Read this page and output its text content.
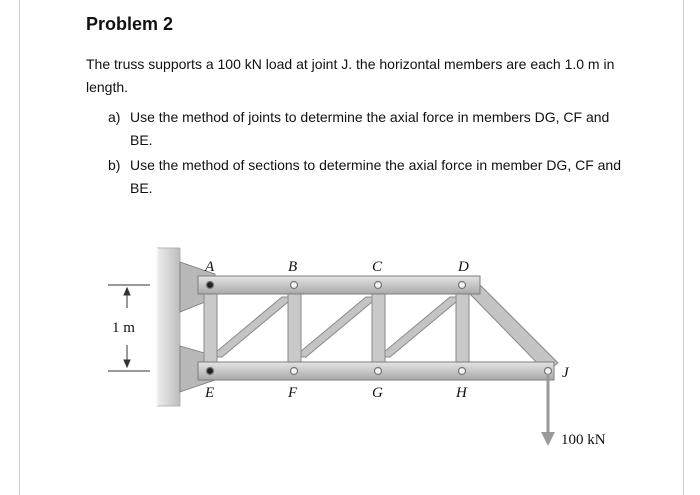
Problem 2
The truss supports a 100 kN load at joint J. the horizontal members are each 1.0 m in length.
a) Use the method of joints to determine the axial force in members DG, CF and BE.
b) Use the method of sections to determine the axial force in member DG, CF and BE.
A	B	C	D
E	F	G	H
J
1 m
100 kN
